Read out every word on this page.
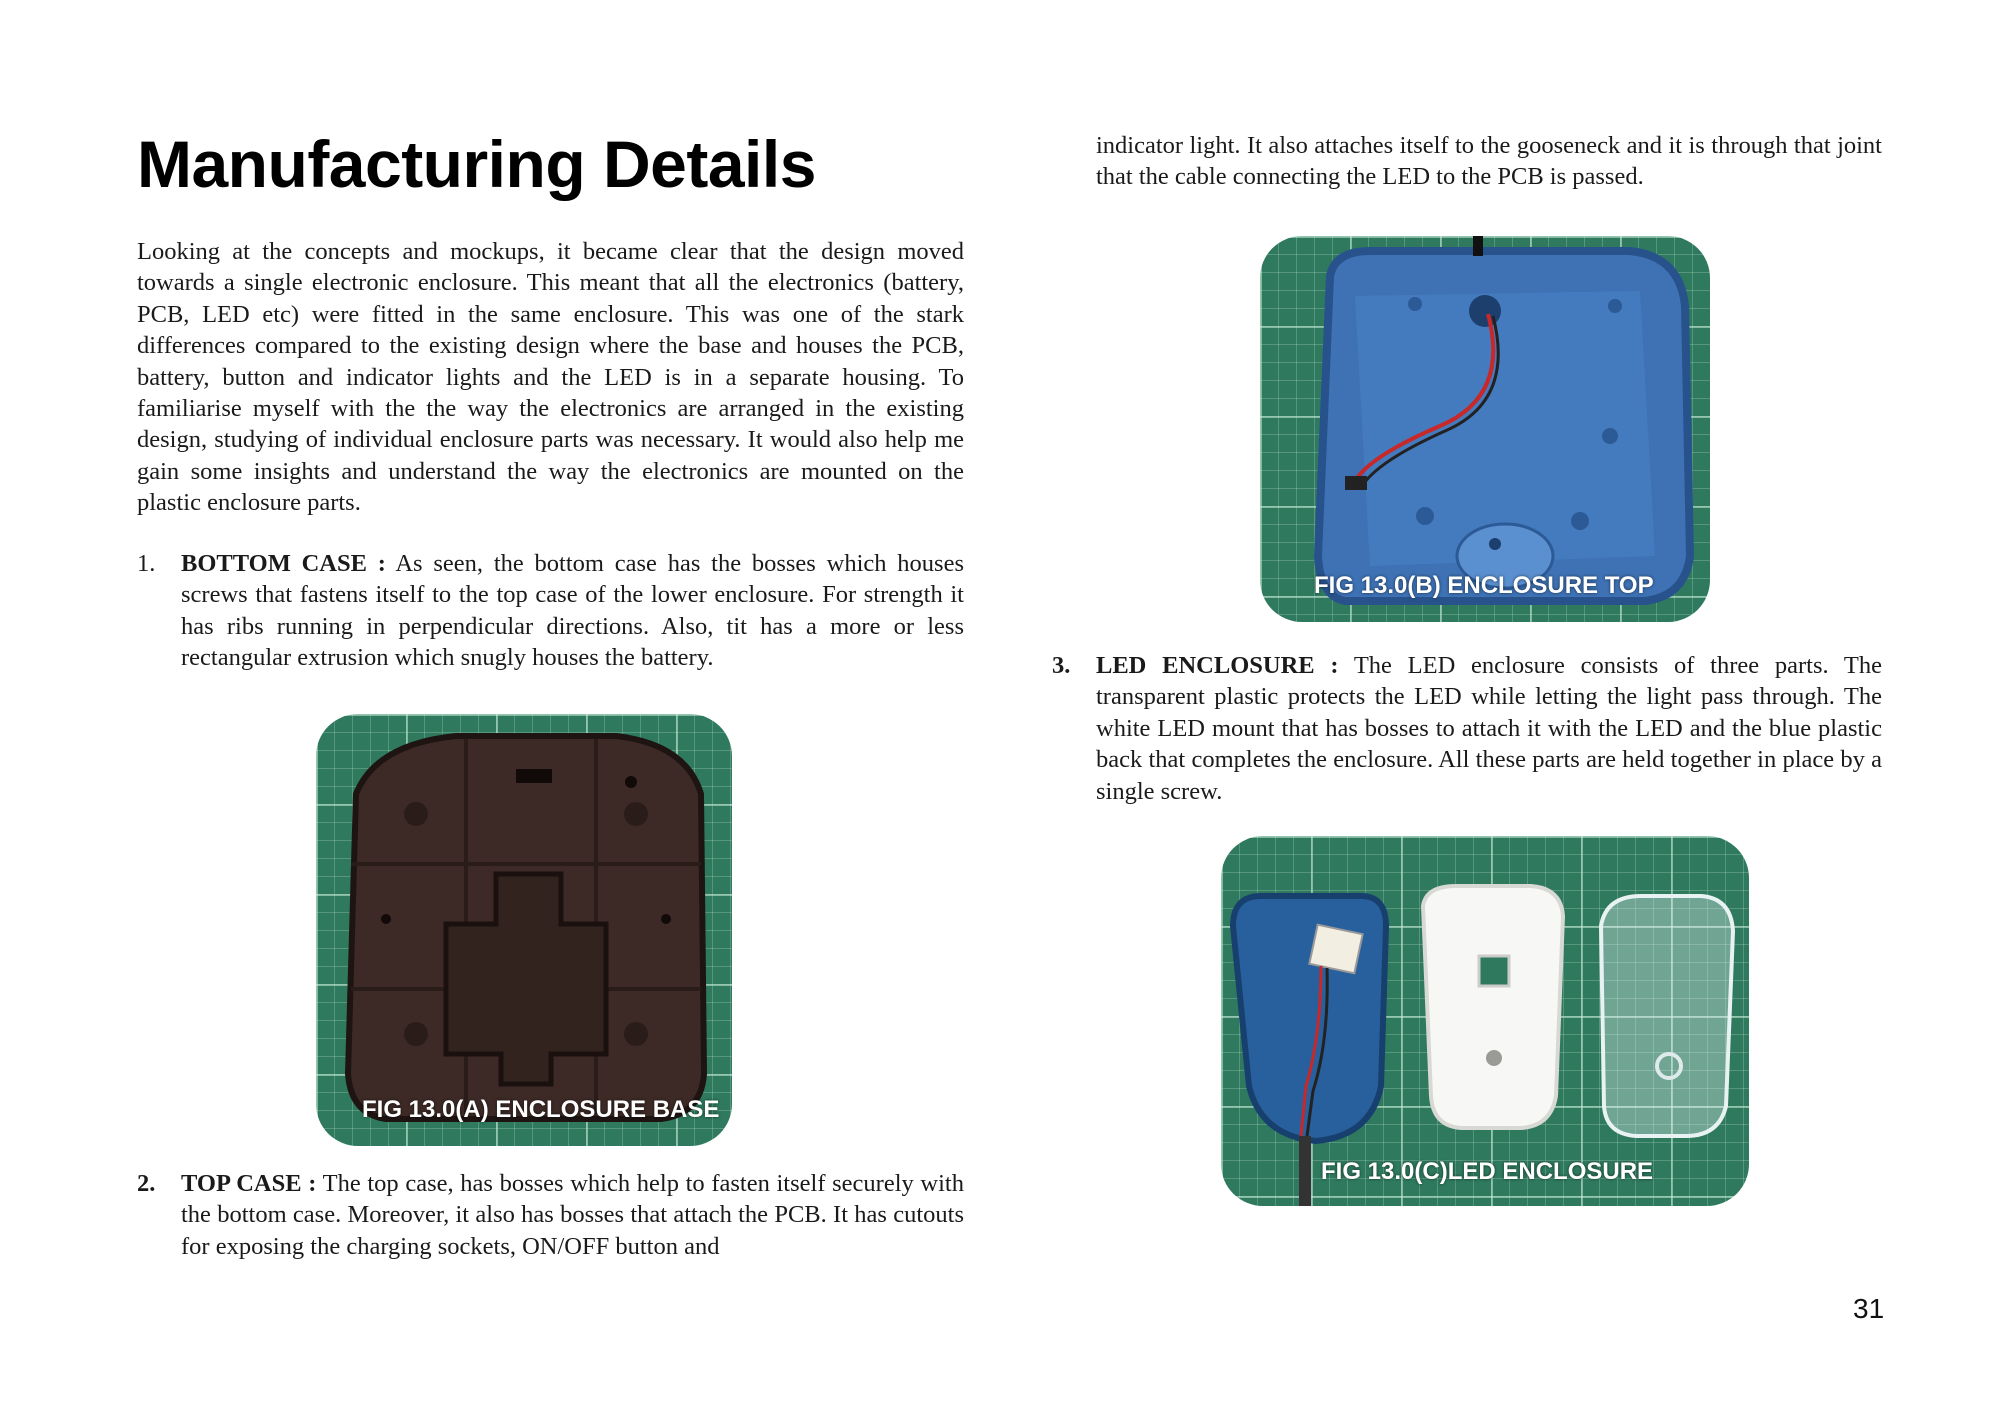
Manufacturing Details

Looking at the concepts and mockups, it became clear that the design moved towards a single electronic enclosure. This meant that all the electronics (battery, PCB, LED etc) were fitted in the same enclosure. This was one of the stark differences compared to the existing design where the base and houses the PCB, battery, button and indicator lights and the LED is in a separate housing. To familiarise myself with the the way the electronics are arranged in the existing design, studying of individual enclosure parts was necessary. It would also help me gain some insights and understand the way the electronics are mounted on the plastic enclosure parts.

1. BOTTOM CASE : As seen, the bottom case has the bosses which houses screws that fastens itself to the top case of the lower enclosure. For strength it has ribs running in perpendicular directions. Also, tit has a more or less rectangular extrusion which snugly houses the battery.
FIG 13.0(A) ENCLOSURE BASE
2. TOP CASE : The top case, has bosses which help to fasten itself securely with the bottom case. Moreover, it also has bosses that attach the PCB. It has cutouts for exposing the charging sockets, ON/OFF button and

indicator light. It also attaches itself to the gooseneck and it is through that joint that the cable connecting the LED to the PCB is passed.

FIG 13.0(B) ENCLOSURE TOP
3. LED ENCLOSURE : The LED enclosure consists of three parts. The transparent plastic protects the LED while letting the light pass through. The white LED mount that has bosses to attach it with the LED and the blue plastic back that completes the enclosure. All these parts are held together in place by a single screw.
FIG 13.0(C)LED ENCLOSURE
31
